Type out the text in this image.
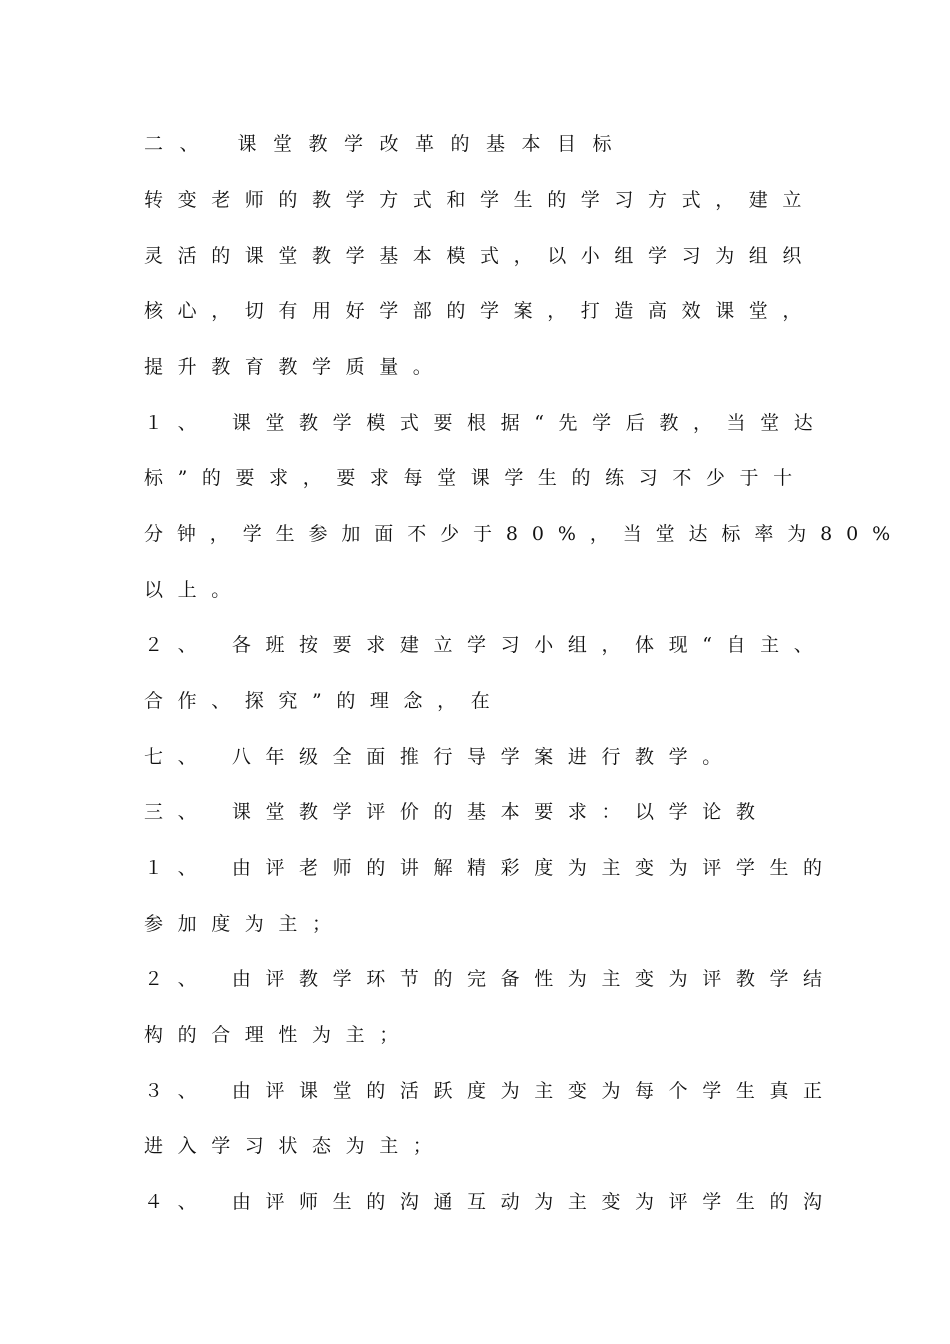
二、 课堂教学改革的基本目标
转变老师的教学方式和学生的学习方式，建立
灵活的课堂教学基本模式，以小组学习为组织
核心，切有用好学部的学案，打造高效课堂，
提升教育教学质量。
１、 课堂教学模式要根据“先学后教，当堂达
标”的要求，要求每堂课学生的练习不少于十
分钟，学生参加面不少于80%，当堂达标率为80%
以上。
２、 各班按要求建立学习小组，体现“自主、
合作、探究”的理念，在
七、 八年级全面推行导学案进行教学。
三、 课堂教学评价的基本要求：以学论教
１、 由评老师的讲解精彩度为主变为评学生的
参加度为主；
２、 由评教学环节的完备性为主变为评教学结
构的合理性为主；
３、 由评课堂的活跃度为主变为每个学生真正
进入学习状态为主；
４、 由评师生的沟通互动为主变为评学生的沟
